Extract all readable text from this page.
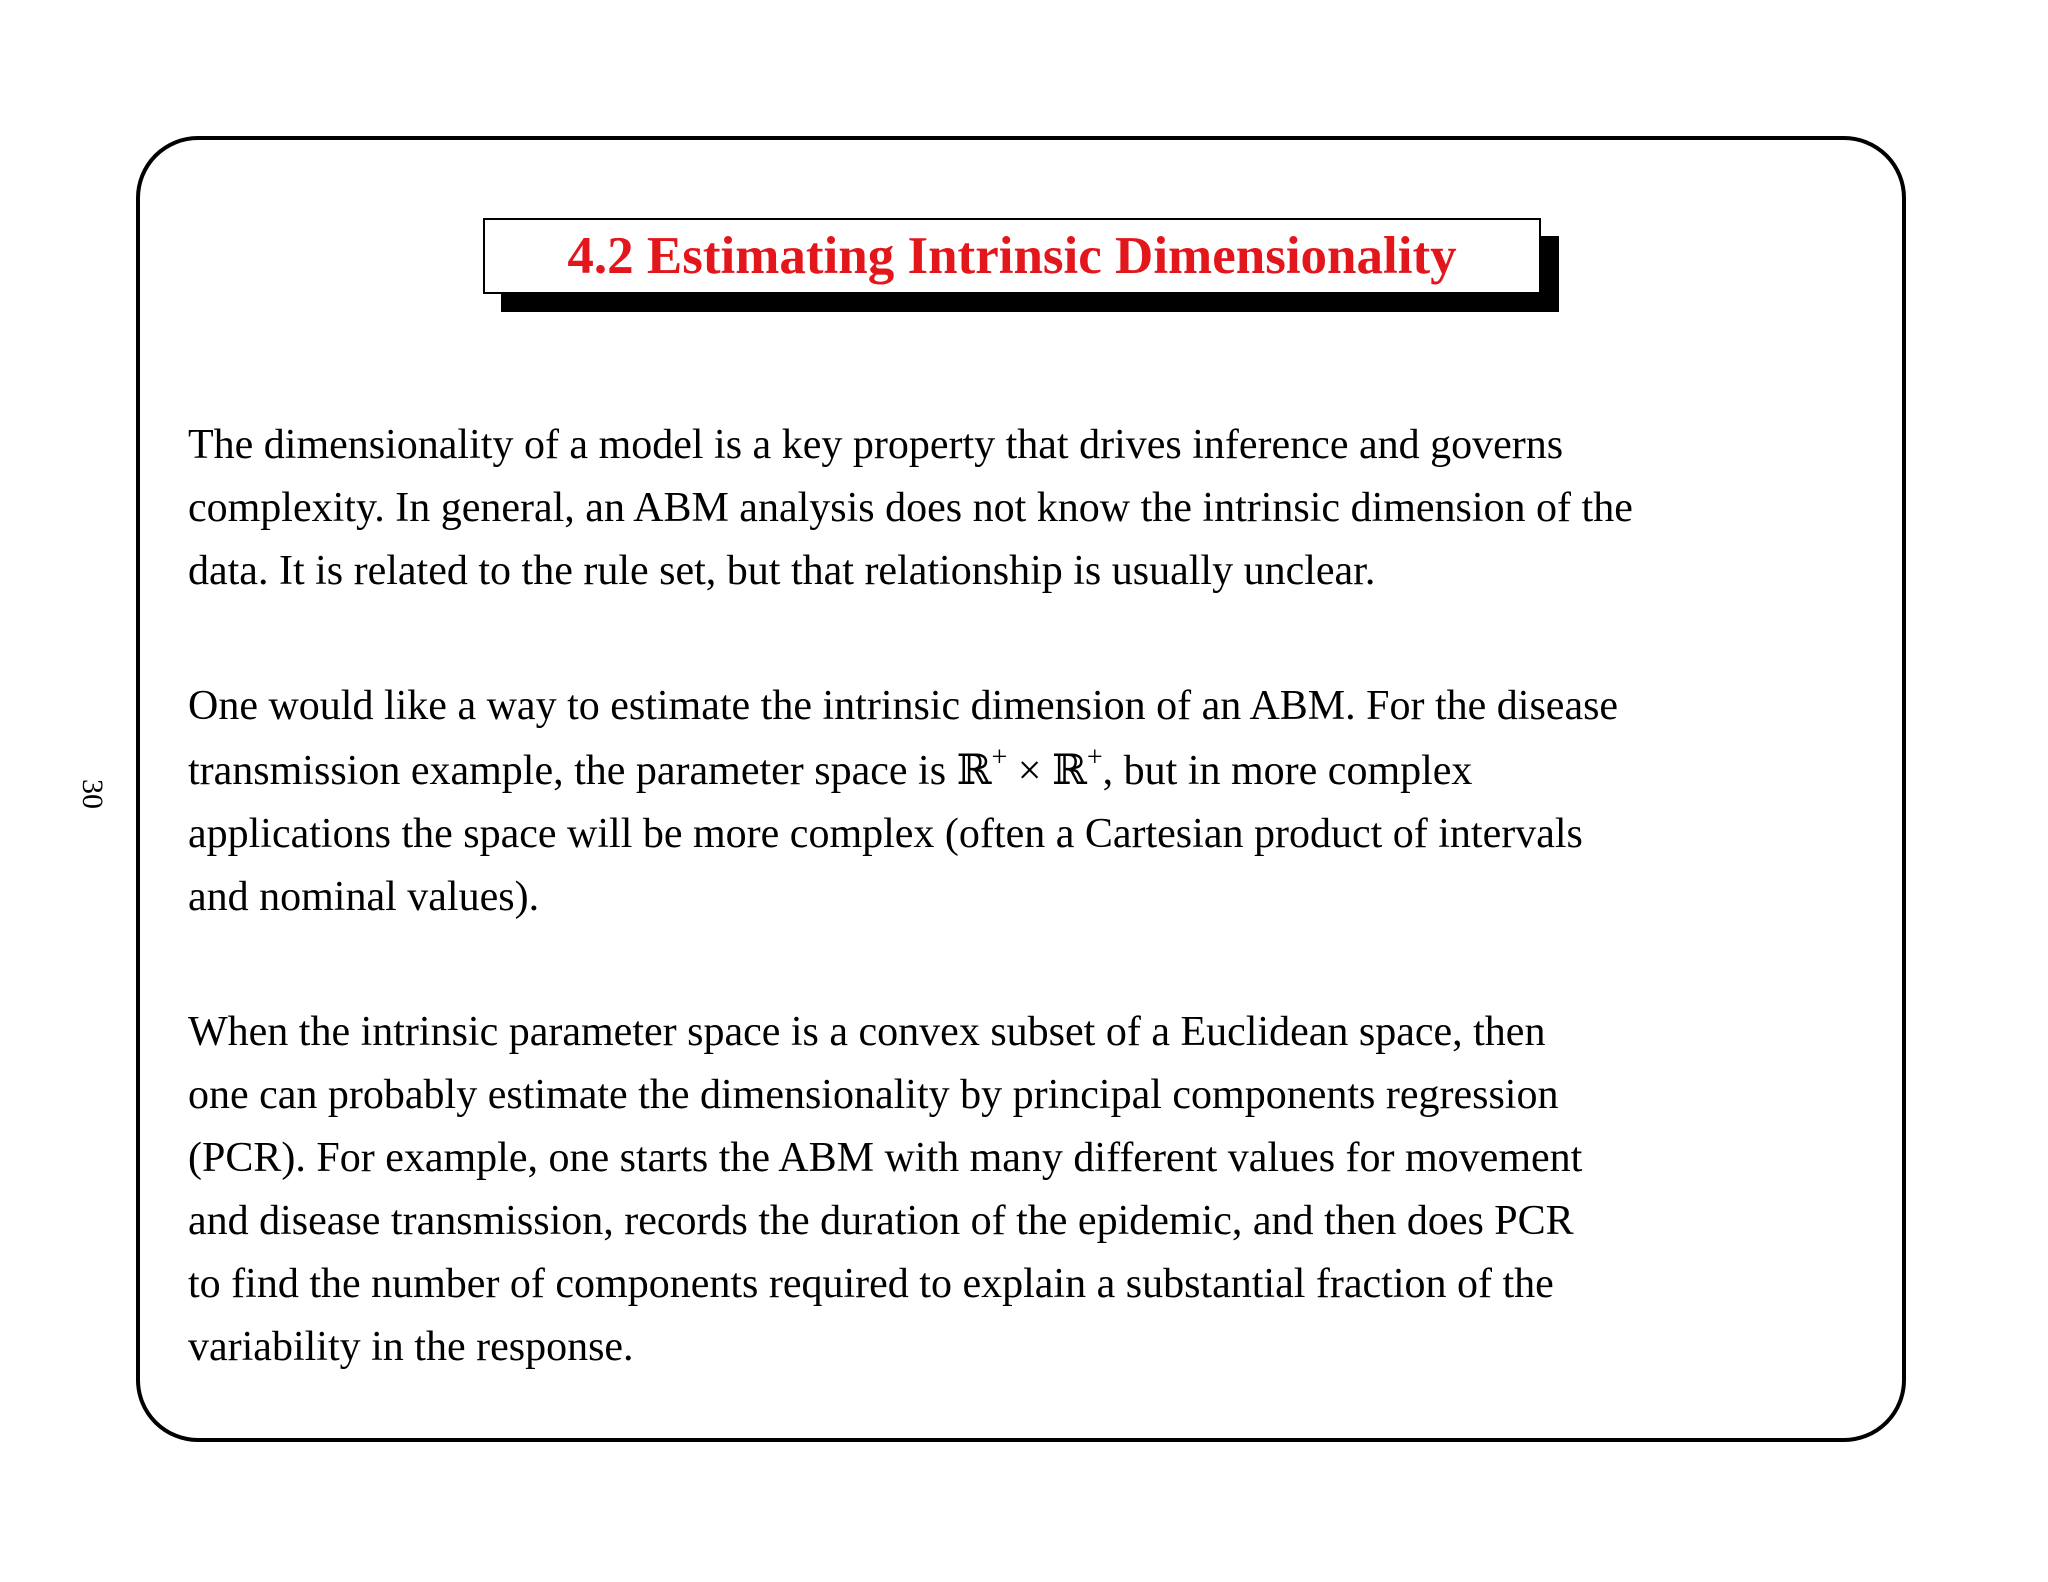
30
4.2 Estimating Intrinsic Dimensionality

The dimensionality of a model is a key property that drives inference and governs
complexity. In general, an ABM analysis does not know the intrinsic dimension of the
data. It is related to the rule set, but that relationship is usually unclear.

One would like a way to estimate the intrinsic dimension of an ABM. For the disease
transmission example, the parameter space is ℝ+ × ℝ+, but in more complex
applications the space will be more complex (often a Cartesian product of intervals
and nominal values).

When the intrinsic parameter space is a convex subset of a Euclidean space, then
one can probably estimate the dimensionality by principal components regression
(PCR). For example, one starts the ABM with many different values for movement
and disease transmission, records the duration of the epidemic, and then does PCR
to find the number of components required to explain a substantial fraction of the
variability in the response.
